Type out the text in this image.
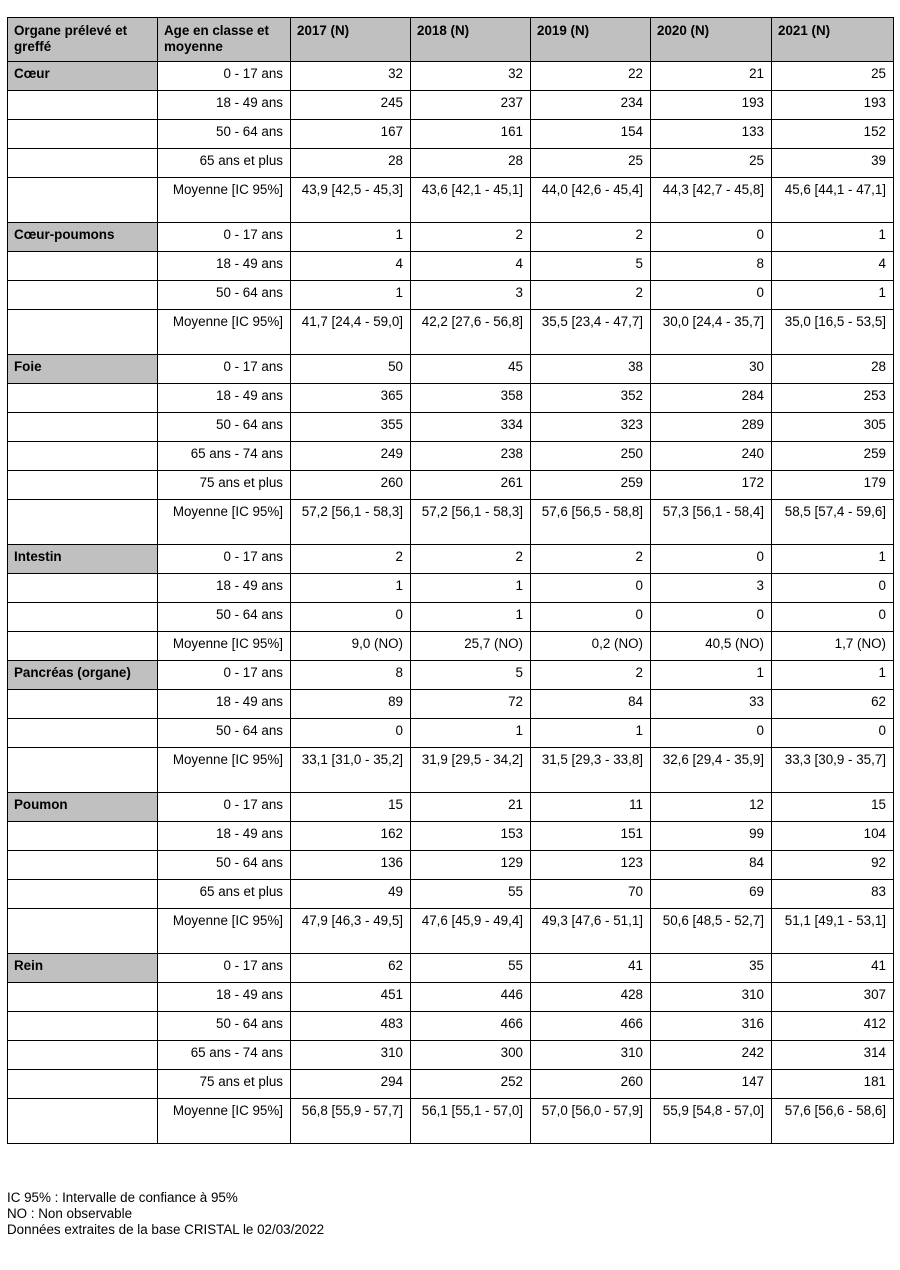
Organe prélevé et greffé	Age en classe et moyenne	2017 (N)	2018 (N)	2019 (N)	2020 (N)	2021 (N)
Cœur	0 - 17 ans	32	32	22	21	25
	18 - 49 ans	245	237	234	193	193
	50 - 64 ans	167	161	154	133	152
	65 ans et plus	28	28	25	25	39
	Moyenne [IC 95%]	43,9 [42,5 - 45,3]	43,6 [42,1 - 45,1]	44,0 [42,6 - 45,4]	44,3 [42,7 - 45,8]	45,6 [44,1 - 47,1]
Cœur-poumons	0 - 17 ans	1	2	2	0	1
	18 - 49 ans	4	4	5	8	4
	50 - 64 ans	1	3	2	0	1
	Moyenne [IC 95%]	41,7 [24,4 - 59,0]	42,2 [27,6 - 56,8]	35,5 [23,4 - 47,7]	30,0 [24,4 - 35,7]	35,0 [16,5 - 53,5]
Foie	0 - 17 ans	50	45	38	30	28
	18 - 49 ans	365	358	352	284	253
	50 - 64 ans	355	334	323	289	305
	65 ans - 74 ans	249	238	250	240	259
	75 ans et plus	260	261	259	172	179
	Moyenne [IC 95%]	57,2 [56,1 - 58,3]	57,2 [56,1 - 58,3]	57,6 [56,5 - 58,8]	57,3 [56,1 - 58,4]	58,5 [57,4 - 59,6]
Intestin	0 - 17 ans	2	2	2	0	1
	18 - 49 ans	1	1	0	3	0
	50 - 64 ans	0	1	0	0	0
	Moyenne [IC 95%]	9,0 (NO)	25,7 (NO)	0,2 (NO)	40,5 (NO)	1,7 (NO)
Pancréas (organe)	0 - 17 ans	8	5	2	1	1
	18 - 49 ans	89	72	84	33	62
	50 - 64 ans	0	1	1	0	0
	Moyenne [IC 95%]	33,1 [31,0 - 35,2]	31,9 [29,5 - 34,2]	31,5 [29,3 - 33,8]	32,6 [29,4 - 35,9]	33,3 [30,9 - 35,7]
Poumon	0 - 17 ans	15	21	11	12	15
	18 - 49 ans	162	153	151	99	104
	50 - 64 ans	136	129	123	84	92
	65 ans et plus	49	55	70	69	83
	Moyenne [IC 95%]	47,9 [46,3 - 49,5]	47,6 [45,9 - 49,4]	49,3 [47,6 - 51,1]	50,6 [48,5 - 52,7]	51,1 [49,1 - 53,1]
Rein	0 - 17 ans	62	55	41	35	41
	18 - 49 ans	451	446	428	310	307
	50 - 64 ans	483	466	466	316	412
	65 ans - 74 ans	310	300	310	242	314
	75 ans et plus	294	252	260	147	181
	Moyenne [IC 95%]	56,8 [55,9 - 57,7]	56,1 [55,1 - 57,0]	57,0 [56,0 - 57,9]	55,9 [54,8 - 57,0]	57,6 [56,6 - 58,6]
IC 95% : Intervalle de confiance à 95%
NO : Non observable
Données extraites de la base CRISTAL le 02/03/2022
